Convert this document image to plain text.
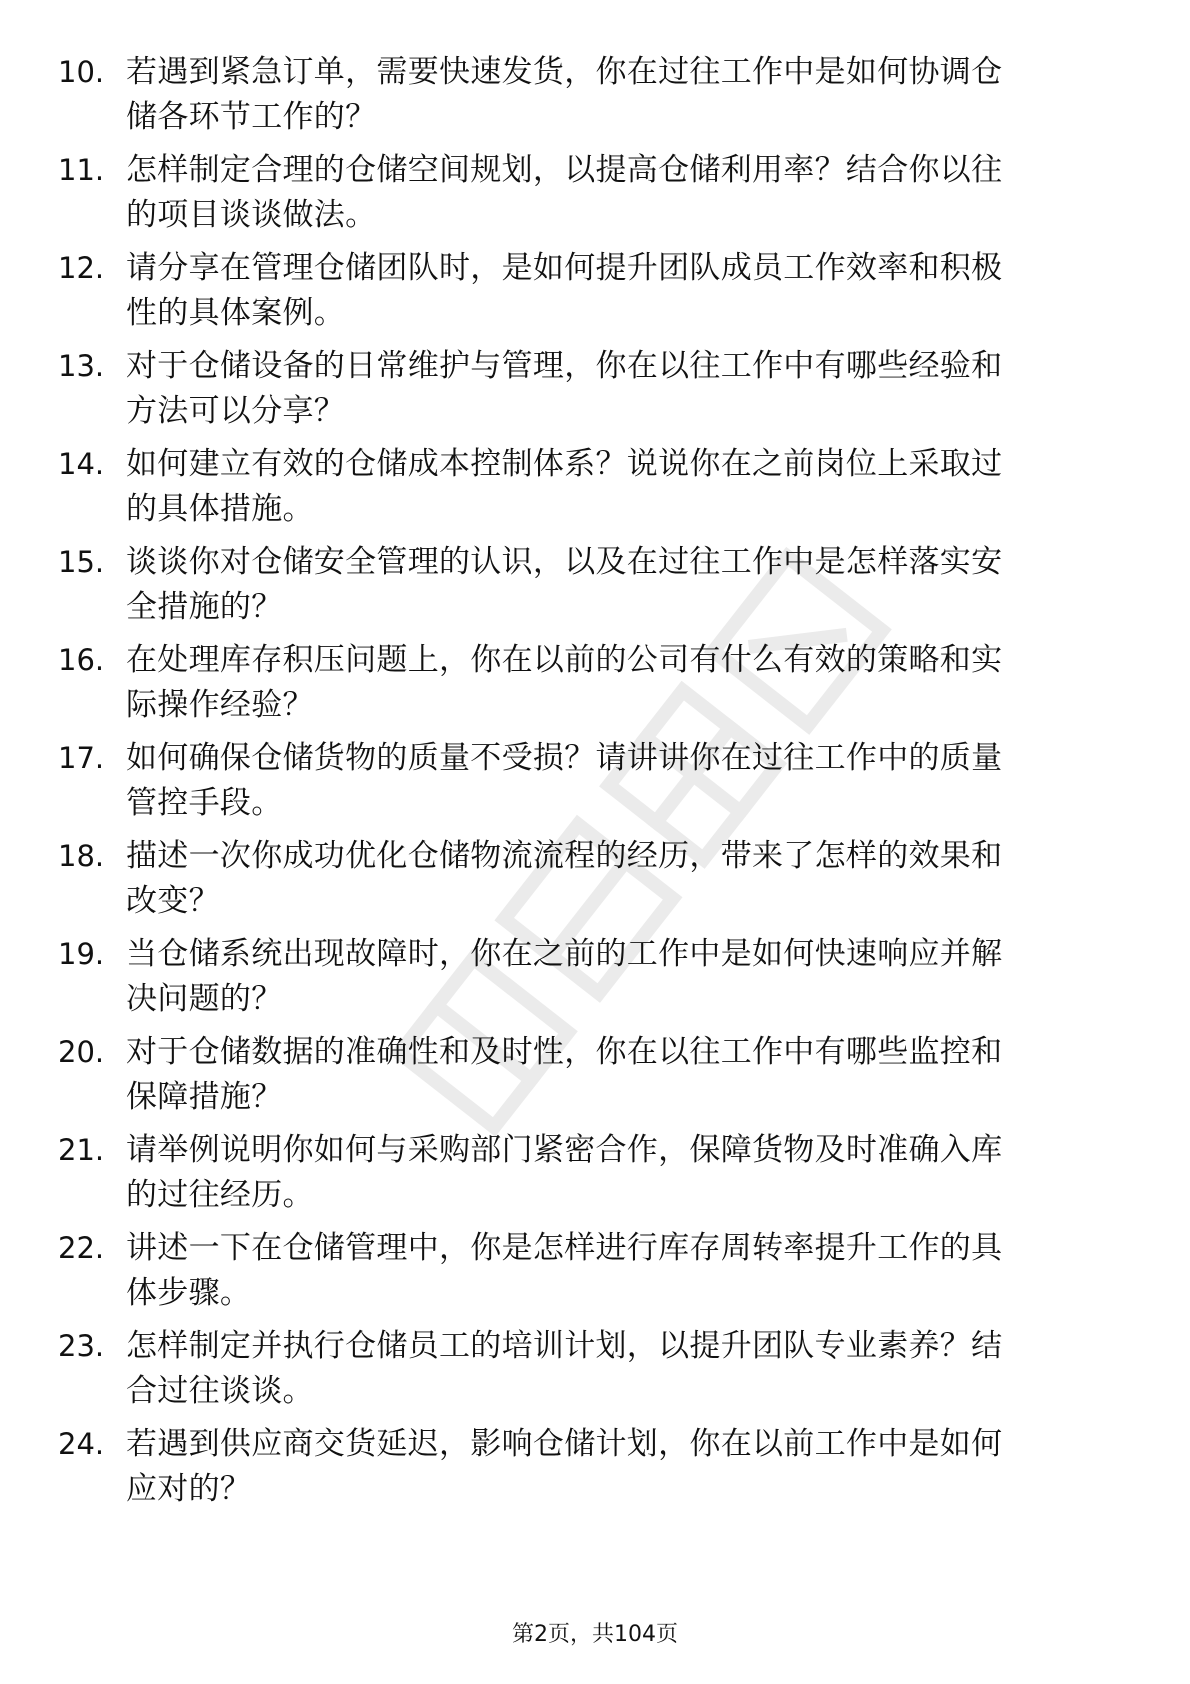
10. 若遇到紧急订单，需要快速发货，你在过往工作中是如何协调仓
储各环节工作的？
11. 怎样制定合理的仓储空间规划，以提高仓储利用率？结合你以往
的项目谈谈做法。
12. 请分享在管理仓储团队时，是如何提升团队成员工作效率和积极
性的具体案例。
13. 对于仓储设备的日常维护与管理，你在以往工作中有哪些经验和
方法可以分享？
14. 如何建立有效的仓储成本控制体系？说说你在之前岗位上采取过
的具体措施。
15. 谈谈你对仓储安全管理的认识，以及在过往工作中是怎样落实安
全措施的？
16. 在处理库存积压问题上，你在以前的公司有什么有效的策略和实
际操作经验？
17. 如何确保仓储货物的质量不受损？请讲讲你在过往工作中的质量
管控手段。
18. 描述一次你成功优化仓储物流流程的经历，带来了怎样的效果和
改变？
19. 当仓储系统出现故障时，你在之前的工作中是如何快速响应并解
决问题的？
20. 对于仓储数据的准确性和及时性，你在以往工作中有哪些监控和
保障措施？
21. 请举例说明你如何与采购部门紧密合作，保障货物及时准确入库
的过往经历。
22. 讲述一下在仓储管理中，你是怎样进行库存周转率提升工作的具
体步骤。
23. 怎样制定并执行仓储员工的培训计划，以提升团队专业素养？结
合过往谈谈。
24. 若遇到供应商交货延迟，影响仓储计划，你在以前工作中是如何
应对的？
第2页，共104页
